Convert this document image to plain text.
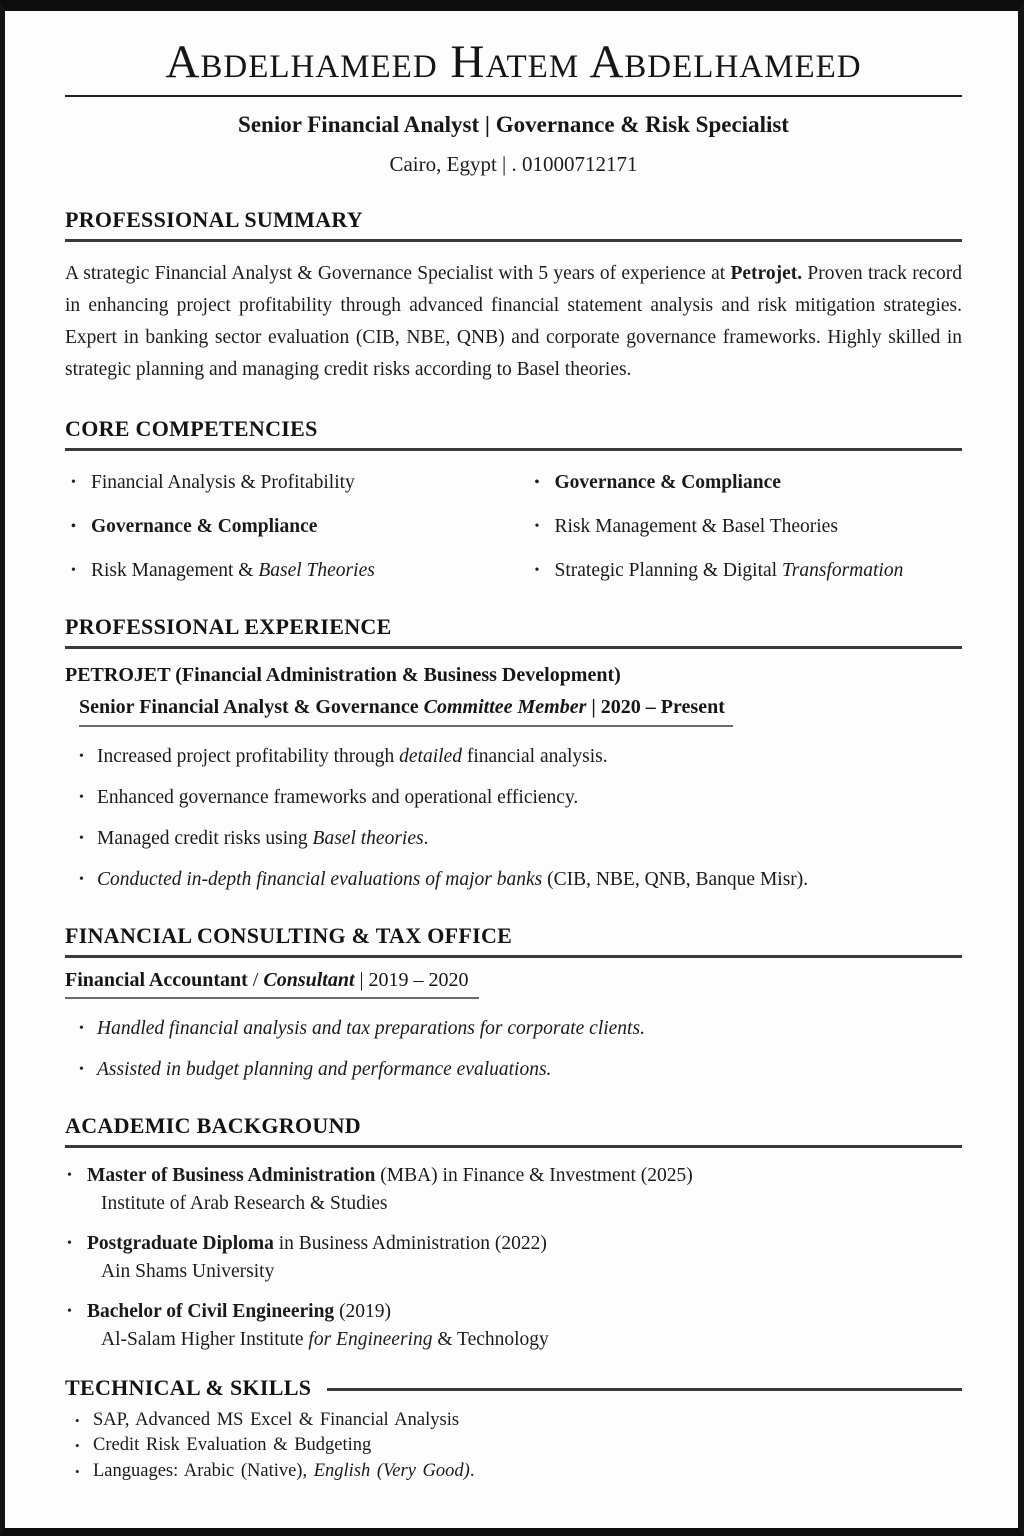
Abdelhameed Hatem Abdelhameed
Senior Financial Analyst | Governance & Risk Specialist
Cairo, Egypt | . 01000712171
PROFESSIONAL SUMMARY

A strategic Financial Analyst & Governance Specialist with 5 years of experience at Petrojet. Proven track record in enhancing project profitability through advanced financial statement analysis and risk mitigation strategies. Expert in banking sector evaluation (CIB, NBE, QNB) and corporate governance frameworks. Highly skilled in strategic planning and managing credit risks according to Basel theories.

CORE COMPETENCIES
• Financial Analysis & Profitability
• Governance & Compliance
• Risk Management & Basel Theories
• Governance & Compliance
• Risk Management & Basel Theories
• Strategic Planning & Digital Transformation
PROFESSIONAL EXPERIENCE
PETROJET (Financial Administration & Business Development)
Senior Financial Analyst & Governance Committee Member | 2020 – Present
• Increased project profitability through detailed financial analysis.
• Enhanced governance frameworks and operational efficiency.
• Managed credit risks using Basel theories.
• Conducted in-depth financial evaluations of major banks (CIB, NBE, QNB, Banque Misr).
FINANCIAL CONSULTING & TAX OFFICE
Financial Accountant / Consultant | 2019 – 2020
• Handled financial analysis and tax preparations for corporate clients.
• Assisted in budget planning and performance evaluations.
ACADEMIC BACKGROUND
• Master of Business Administration (MBA) in Finance & Investment (2025)
Institute of Arab Research & Studies
• Postgraduate Diploma in Business Administration (2022)
Ain Shams University
• Bachelor of Civil Engineering (2019)
Al-Salam Higher Institute for Engineering & Technology
TECHNICAL & SKILLS
• SAP, Advanced MS Excel & Financial Analysis
• Credit Risk Evaluation & Budgeting
• Languages: Arabic (Native), English (Very Good).
